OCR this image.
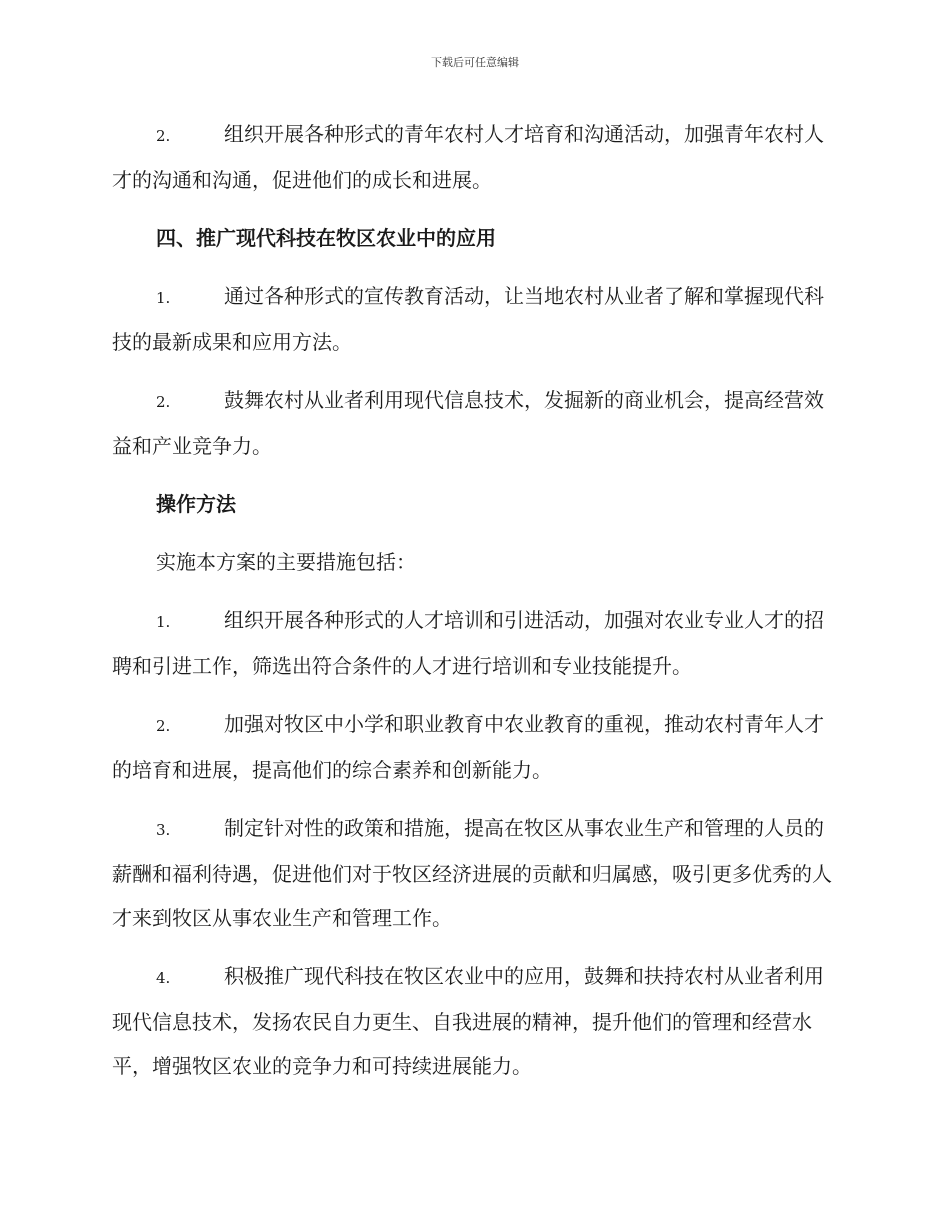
下载后可任意编辑

2.	组织开展各种形式的青年农村人才培育和沟通活动，加强青年农村人才的沟通和沟通，促进他们的成长和进展。

四、推广现代科技在牧区农业中的应用

1.	通过各种形式的宣传教育活动，让当地农村从业者了解和掌握现代科技的最新成果和应用方法。

2.	鼓舞农村从业者利用现代信息技术，发掘新的商业机会，提高经营效益和产业竞争力。

操作方法

实施本方案的主要措施包括：

1.	组织开展各种形式的人才培训和引进活动，加强对农业专业人才的招聘和引进工作，筛选出符合条件的人才进行培训和专业技能提升。

2.	加强对牧区中小学和职业教育中农业教育的重视，推动农村青年人才的培育和进展，提高他们的综合素养和创新能力。

3.	制定针对性的政策和措施，提高在牧区从事农业生产和管理的人员的薪酬和福利待遇，促进他们对于牧区经济进展的贡献和归属感，吸引更多优秀的人才来到牧区从事农业生产和管理工作。

4.	积极推广现代科技在牧区农业中的应用，鼓舞和扶持农村从业者利用现代信息技术，发扬农民自力更生、自我进展的精神，提升他们的管理和经营水平，增强牧区农业的竞争力和可持续进展能力。
